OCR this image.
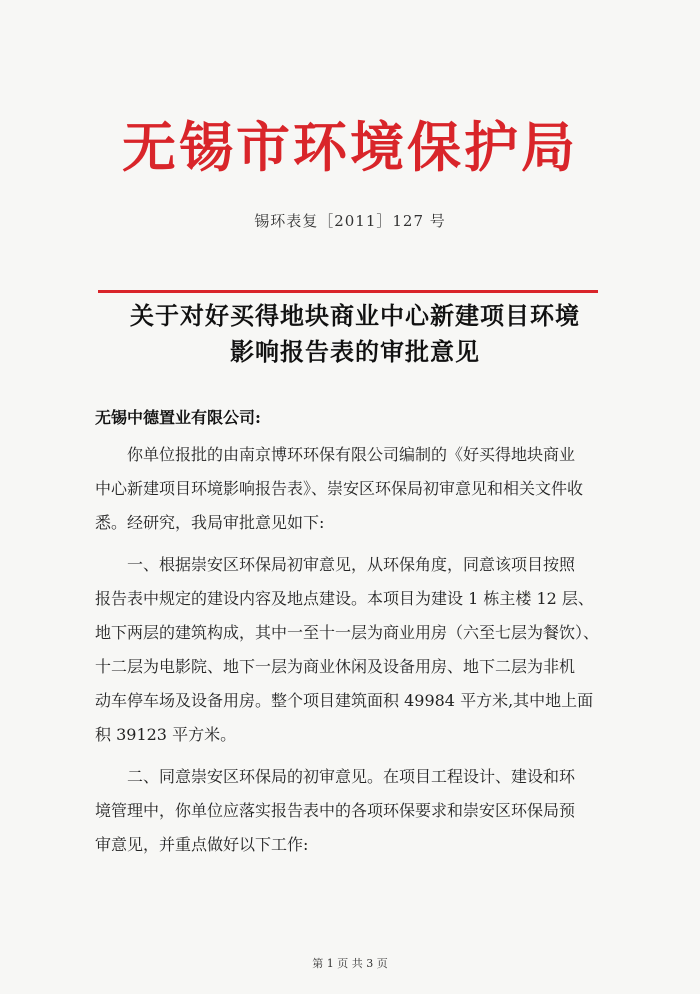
无锡市环境保护局
锡环表复［2011］127 号
关于对好买得地块商业中心新建项目环境
影响报告表的审批意见
无锡中德置业有限公司:
你单位报批的由南京博环环保有限公司编制的《好买得地块商业
中心新建项目环境影响报告表》、崇安区环保局初审意见和相关文件收
悉。经研究，我局审批意见如下:
一、根据崇安区环保局初审意见，从环保角度，同意该项目按照
报告表中规定的建设内容及地点建设。本项目为建设 1 栋主楼 12 层、
地下两层的建筑构成，其中一至十一层为商业用房（六至七层为餐饮）、
十二层为电影院、地下一层为商业休闲及设备用房、地下二层为非机
动车停车场及设备用房。整个项目建筑面积 49984 平方米,其中地上面
积 39123 平方米。
二、同意崇安区环保局的初审意见。在项目工程设计、建设和环
境管理中，你单位应落实报告表中的各项环保要求和崇安区环保局预
审意见，并重点做好以下工作:
第 1 页 共 3 页
